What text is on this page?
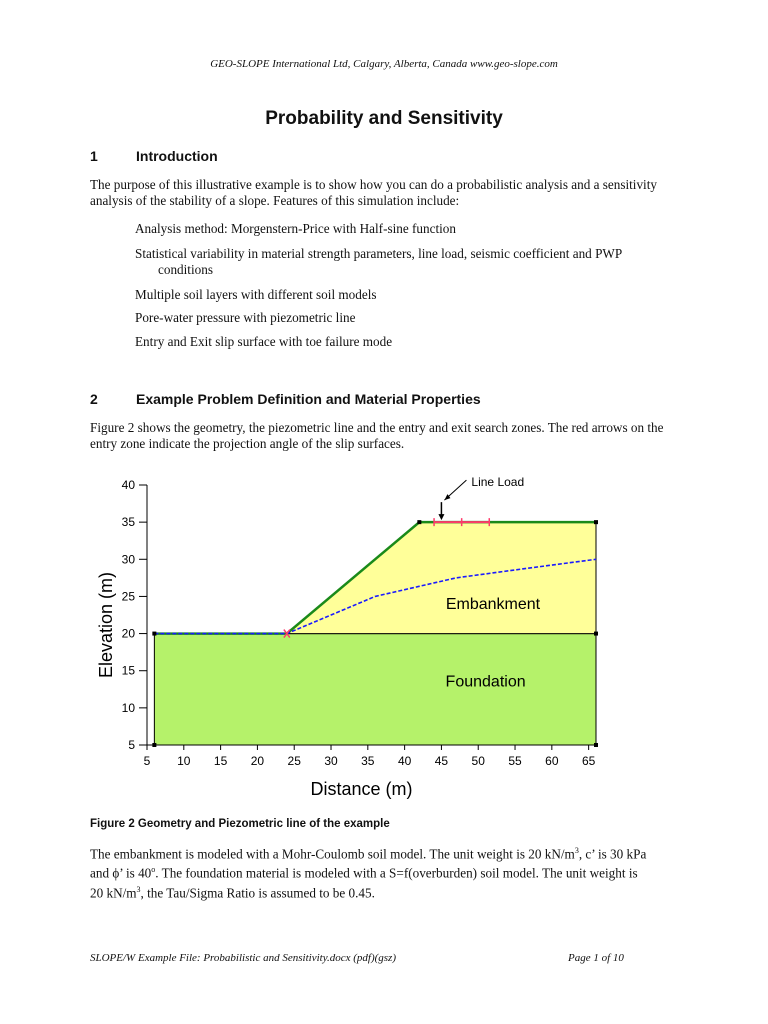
GEO-SLOPE International Ltd, Calgary, Alberta, Canada www.geo-slope.com
Probability and Sensitivity
1	Introduction
The purpose of this illustrative example is to show how you can do a probabilistic analysis and a sensitivity analysis of the stability of a slope. Features of this simulation include:
Analysis method: Morgenstern-Price with Half-sine function
Statistical variability in material strength parameters, line load, seismic coefficient and PWP
conditions
Multiple soil layers with different soil models
Pore-water pressure with piezometric line
Entry and Exit slip surface with toe failure mode
2	Example Problem Definition and Material Properties
Figure 2 shows the geometry, the piezometric line and the entry and exit search zones. The red arrows on the entry zone indicate the projection angle of the slip surfaces.
5
10
15
20
25
30
35
40
5 10 15 20 25 30 35 40 45 50 55 60 65
Distance (m)
Elevation (m)
Line Load
Embankment
Foundation
Figure 2 Geometry and Piezometric line of the example
The embankment is modeled with a Mohr-Coulomb soil model. The unit weight is 20 $kN/m^3$, c’ is 30 kPa
and ϕ’ is 40$^o$. The foundation material is modeled with a S=f(overburden) soil model. The unit weight is
20 $kN/m^3$, the Tau/Sigma Ratio is assumed to be 0.45.
SLOPE/W Example File: Probabilistic and Sensitivity.docx (pdf)(gsz)	Page 1 of 10
